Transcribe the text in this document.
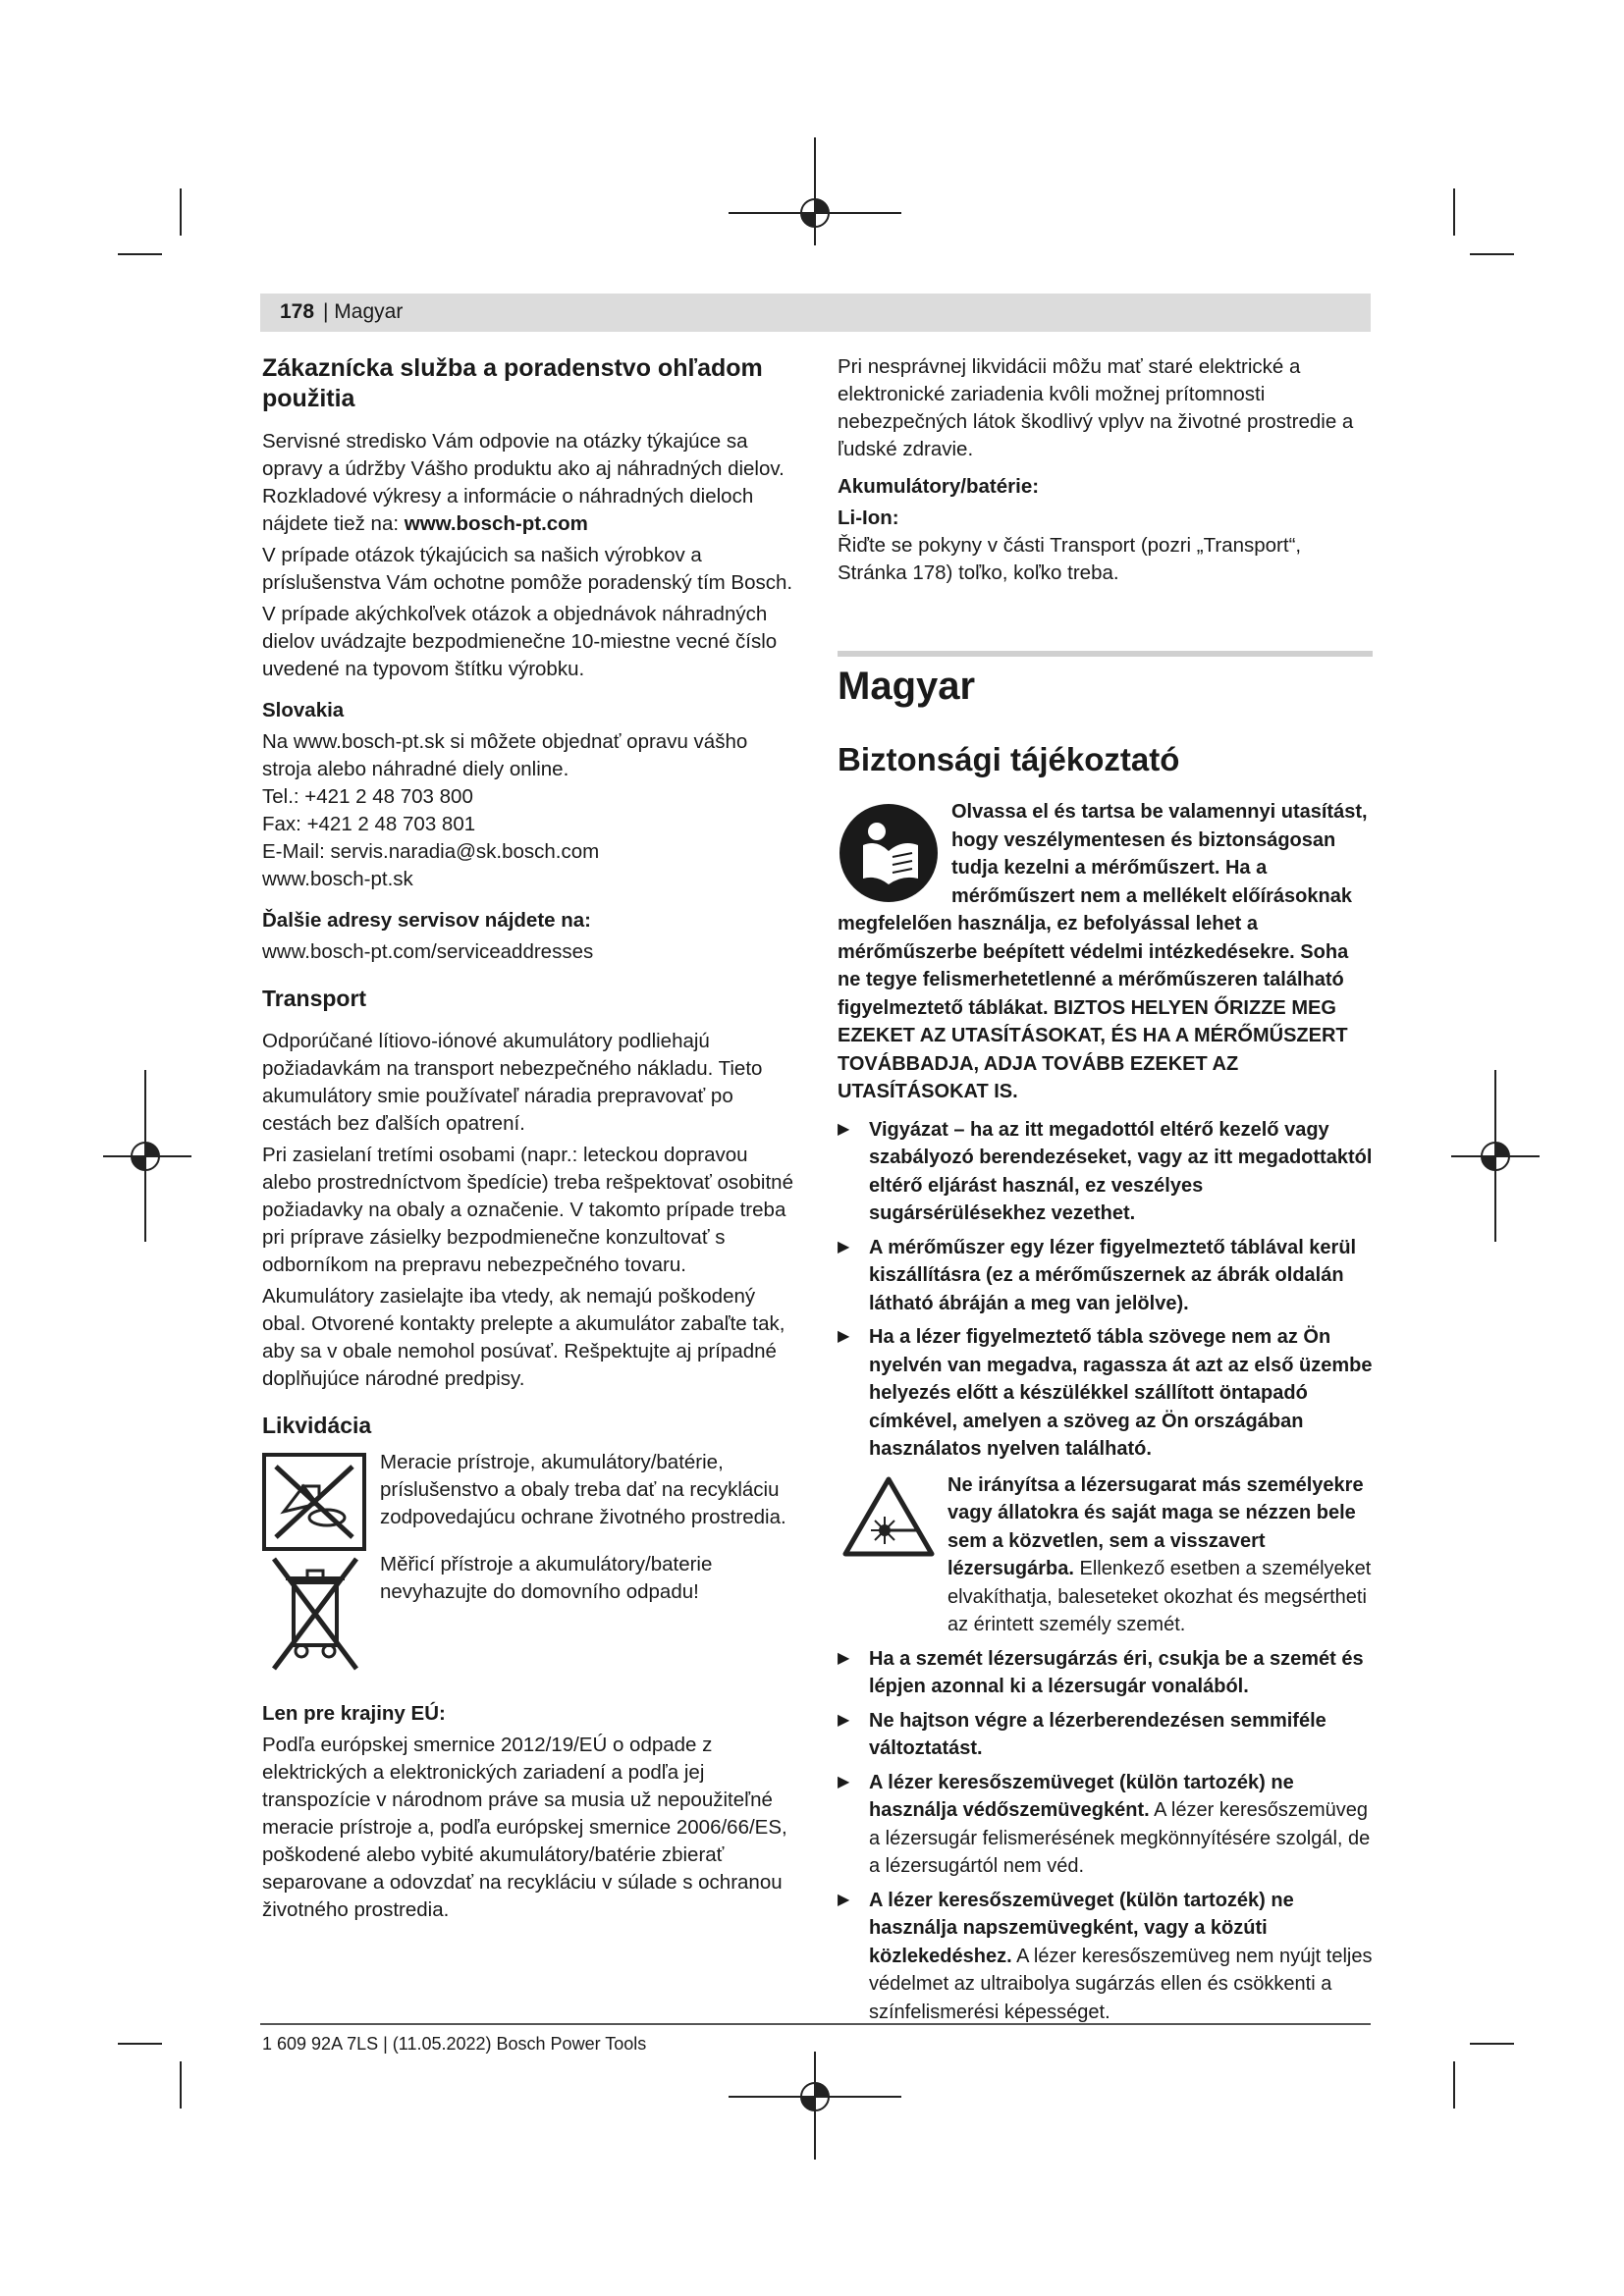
178 | Magyar
Zákaznícka služba a poradenstvo ohľadom použitia

Servisné stredisko Vám odpovie na otázky týkajúce sa opravy a údržby Vášho produktu ako aj náhradných dielov. Rozkladové výkresy a informácie o náhradných dieloch nájdete tiež na: www.bosch-pt.com

V prípade otázok týkajúcich sa našich výrobkov a príslušenstva Vám ochotne pomôže poradenský tím Bosch.

V prípade akýchkoľvek otázok a objednávok náhradných dielov uvádzajte bezpodmienečne 10-miestne vecné číslo uvedené na typovom štítku výrobku.

Slovakia
Na www.bosch-pt.sk si môžete objednať opravu vášho stroja alebo náhradné diely online.
Tel.: +421 2 48 703 800
Fax: +421 2 48 703 801
E-Mail: servis.naradia@sk.bosch.com
www.bosch-pt.sk
Ďalšie adresy servisov nájdete na:
www.bosch-pt.com/serviceaddresses
Transport

Odporúčané lítiovo-iónové akumulátory podliehajú požiadavkám na transport nebezpečného nákladu. Tieto akumulátory smie používateľ náradia prepravovať po cestách bez ďalších opatrení.

Pri zasielaní tretími osobami (napr.: leteckou dopravou alebo prostredníctvom špedície) treba rešpektovať osobitné požiadavky na obaly a označenie. V takomto prípade treba pri príprave zásielky bezpodmienečne konzultovať s odborníkom na prepravu nebezpečného tovaru.

Akumulátory zasielajte iba vtedy, ak nemajú poškodený obal. Otvorené kontakty prelepte a akumulátor zabaľte tak, aby sa v obale nemohol posúvať. Rešpektujte aj prípadné doplňujúce národné predpisy.

Likvidácia

Meracie prístroje, akumulátory/batérie, príslušenstvo a obaly treba dať na recykláciu zodpovedajúcu ochrane životného prostredia.

Měřicí přístroje a akumulátory/baterie nevyhazujte do domovního odpadu!

Len pre krajiny EÚ:

Podľa európskej smernice 2012/19/EÚ o odpade z elektrických a elektronických zariadení a podľa jej transpozície v národnom práve sa musia už nepoužiteľné meracie prístroje a, podľa európskej smernice 2006/66/ES, poškodené alebo vybité akumulátory/batérie zbierať separovane a odovzdať na recykláciu v súlade s ochranou životného prostredia.

Pri nesprávnej likvidácii môžu mať staré elektrické a elektronické zariadenia kvôli možnej prítomnosti nebezpečných látok škodlivý vplyv na životné prostredie a ľudské zdravie.

Akumulátory/batérie:
Li-Ion:

Řiďte se pokyny v části Transport (pozri „Transport“, Stránka 178) toľko, koľko treba.

Magyar
Biztonsági tájékoztató

Olvassa el és tartsa be valamennyi utasítást, hogy veszélymentesen és biztonságosan tudja kezelni a mérőműszert. Ha a mérőműszert nem a mellékelt előírásoknak megfelelően használja, ez befolyással lehet a mérőműszerbe beépített védelmi intézkedésekre. Soha ne tegye felismerhetetlenné a mérőműszeren található figyelmeztető táblákat. BIZTOS HELYEN ŐRIZZE MEG EZEKET AZ UTASÍTÁSOKAT, ÉS HA A MÉRŐMŰSZERT TOVÁBBADJA, ADJA TOVÁBB EZEKET AZ UTASÍTÁSOKAT IS.

▶ Vigyázat – ha az itt megadottól eltérő kezelő vagy szabályozó berendezéseket, vagy az itt megadottaktól eltérő eljárást használ, ez veszélyes sugársérülésekhez vezethet.
▶ A mérőműszer egy lézer figyelmeztető táblával kerül kiszállításra (ez a mérőműszernek az ábrák oldalán látható ábráján a meg van jelölve).
▶ Ha a lézer figyelmeztető tábla szövege nem az Ön nyelvén van megadva, ragassza át azt az első üzembe helyezés előtt a készülékkel szállított öntapadó címkével, amelyen a szöveg az Ön országában használatos nyelven található.

Ne irányítsa a lézersugarat más személyekre vagy állatokra és saját maga se nézzen bele sem a közvetlen, sem a visszavert lézersugárba. Ellenkező esetben a személyeket elvakíthatja, baleseteket okozhat és megsértheti az érintett személy szemét.

▶ Ha a szemét lézersugárzás éri, csukja be a szemét és lépjen azonnal ki a lézersugár vonalából.
▶ Ne hajtson végre a lézerberendezésen semmiféle változtatást.
▶ A lézer keresőszemüveget (külön tartozék) ne használja védőszemüvegként. A lézer keresőszemüveg a lézersugár felismerésének megkönnyítésére szolgál, de a lézersugártól nem véd.
▶ A lézer keresőszemüveget (külön tartozék) ne használja napszemüvegként, vagy a közúti közlekedéshez. A lézer keresőszemüveg nem nyújt teljes védelmet az ultraibolya sugárzás ellen és csökkenti a színfelismerési képességet.
1 609 92A 7LS | (11.05.2022) Bosch Power Tools
